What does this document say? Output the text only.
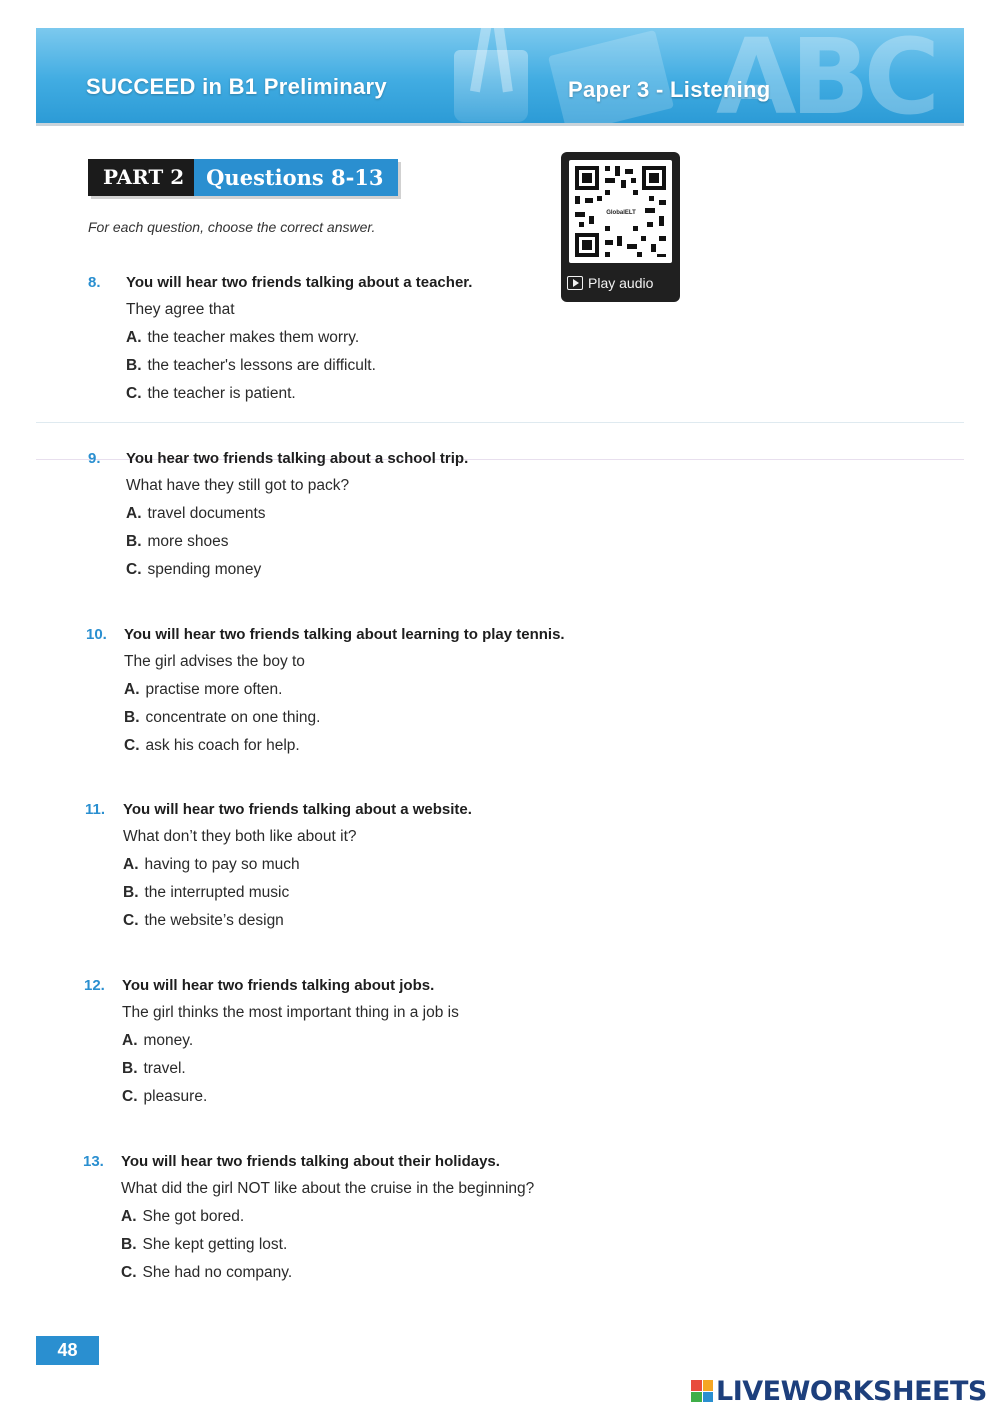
ABC
SUCCEED in B1 Preliminary	Paper 3 - Listening
PART 2	Questions 8-13
For each question, choose the correct answer.
GlobalELT
Play audio
8.	You will hear two friends talking about a teacher.
They agree that
A. the teacher makes them worry.
B. the teacher's lessons are difficult.
C. the teacher is patient.
9.	You hear two friends talking about a school trip.
What have they still got to pack?
A. travel documents
B. more shoes
C. spending money
10.	You will hear two friends talking about learning to play tennis.
The girl advises the boy to
A. practise more often.
B. concentrate on one thing.
C. ask his coach for help.
11.	You will hear two friends talking about a website.
What don’t they both like about it?
A. having to pay so much
B. the interrupted music
C. the website’s design
12.	You will hear two friends talking about jobs.
The girl thinks the most important thing in a job is
A. money.
B. travel.
C. pleasure.
13.	You will hear two friends talking about their holidays.
What did the girl NOT like about the cruise in the beginning?
A. She got bored.
B. She kept getting lost.
C. She had no company.
48
LIVEWORKSHEETS
